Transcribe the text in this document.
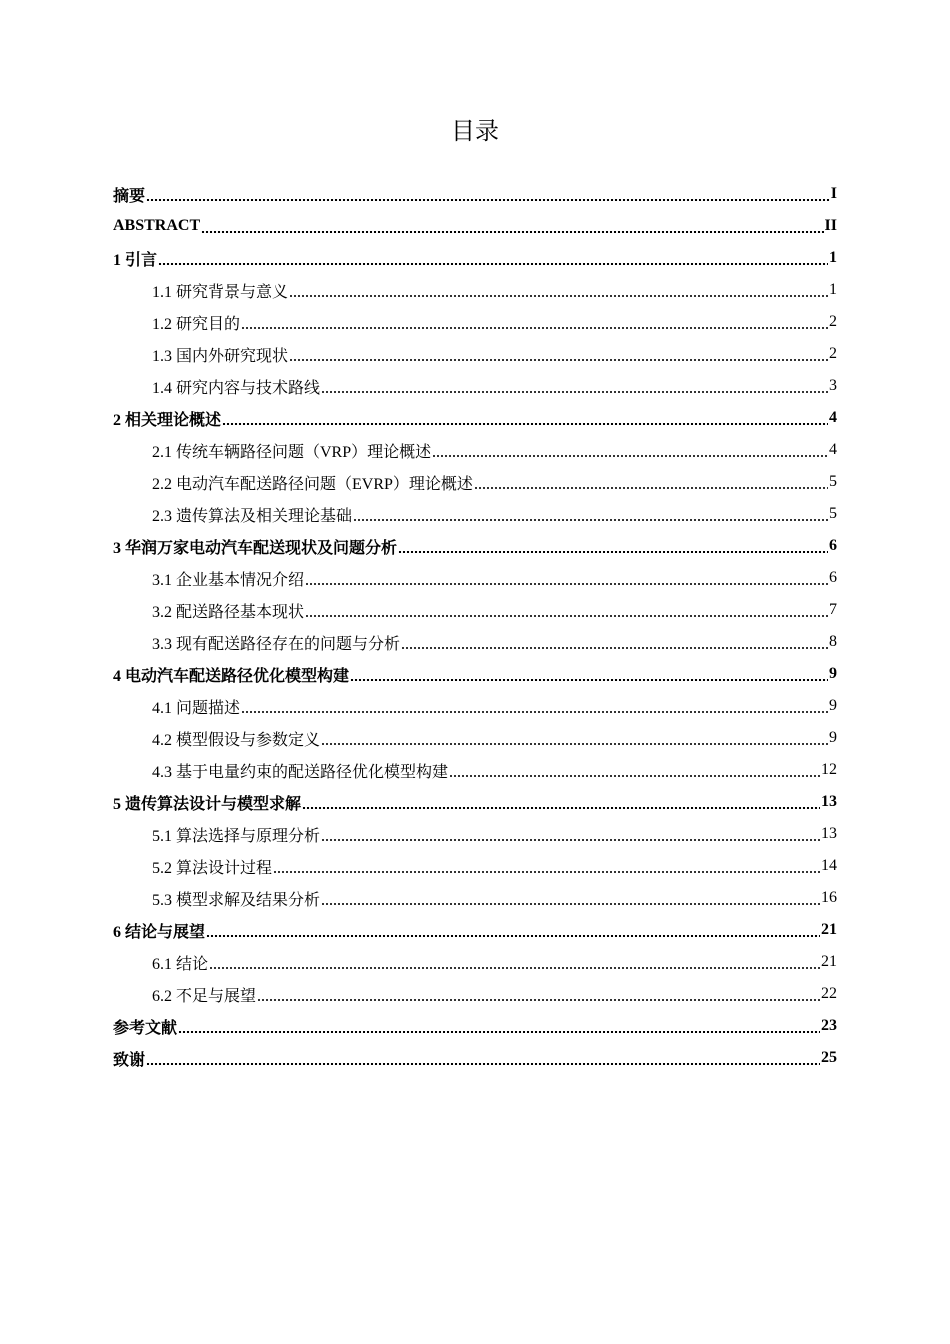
目录
摘要	I
ABSTRACT	II
1 引言	1
1.1 研究背景与意义	1
1.2 研究目的	2
1.3 国内外研究现状	2
1.4 研究内容与技术路线	3
2 相关理论概述	4
2.1 传统车辆路径问题（VRP）理论概述	4
2.2 电动汽车配送路径问题（EVRP）理论概述	5
2.3 遗传算法及相关理论基础	5
3 华润万家电动汽车配送现状及问题分析	6
3.1 企业基本情况介绍	6
3.2 配送路径基本现状	7
3.3 现有配送路径存在的问题与分析	8
4 电动汽车配送路径优化模型构建	9
4.1 问题描述	9
4.2 模型假设与参数定义	9
4.3 基于电量约束的配送路径优化模型构建	12
5 遗传算法设计与模型求解	13
5.1 算法选择与原理分析	13
5.2 算法设计过程	14
5.3 模型求解及结果分析	16
6 结论与展望	21
6.1 结论	21
6.2 不足与展望	22
参考文献	23
致谢	25
